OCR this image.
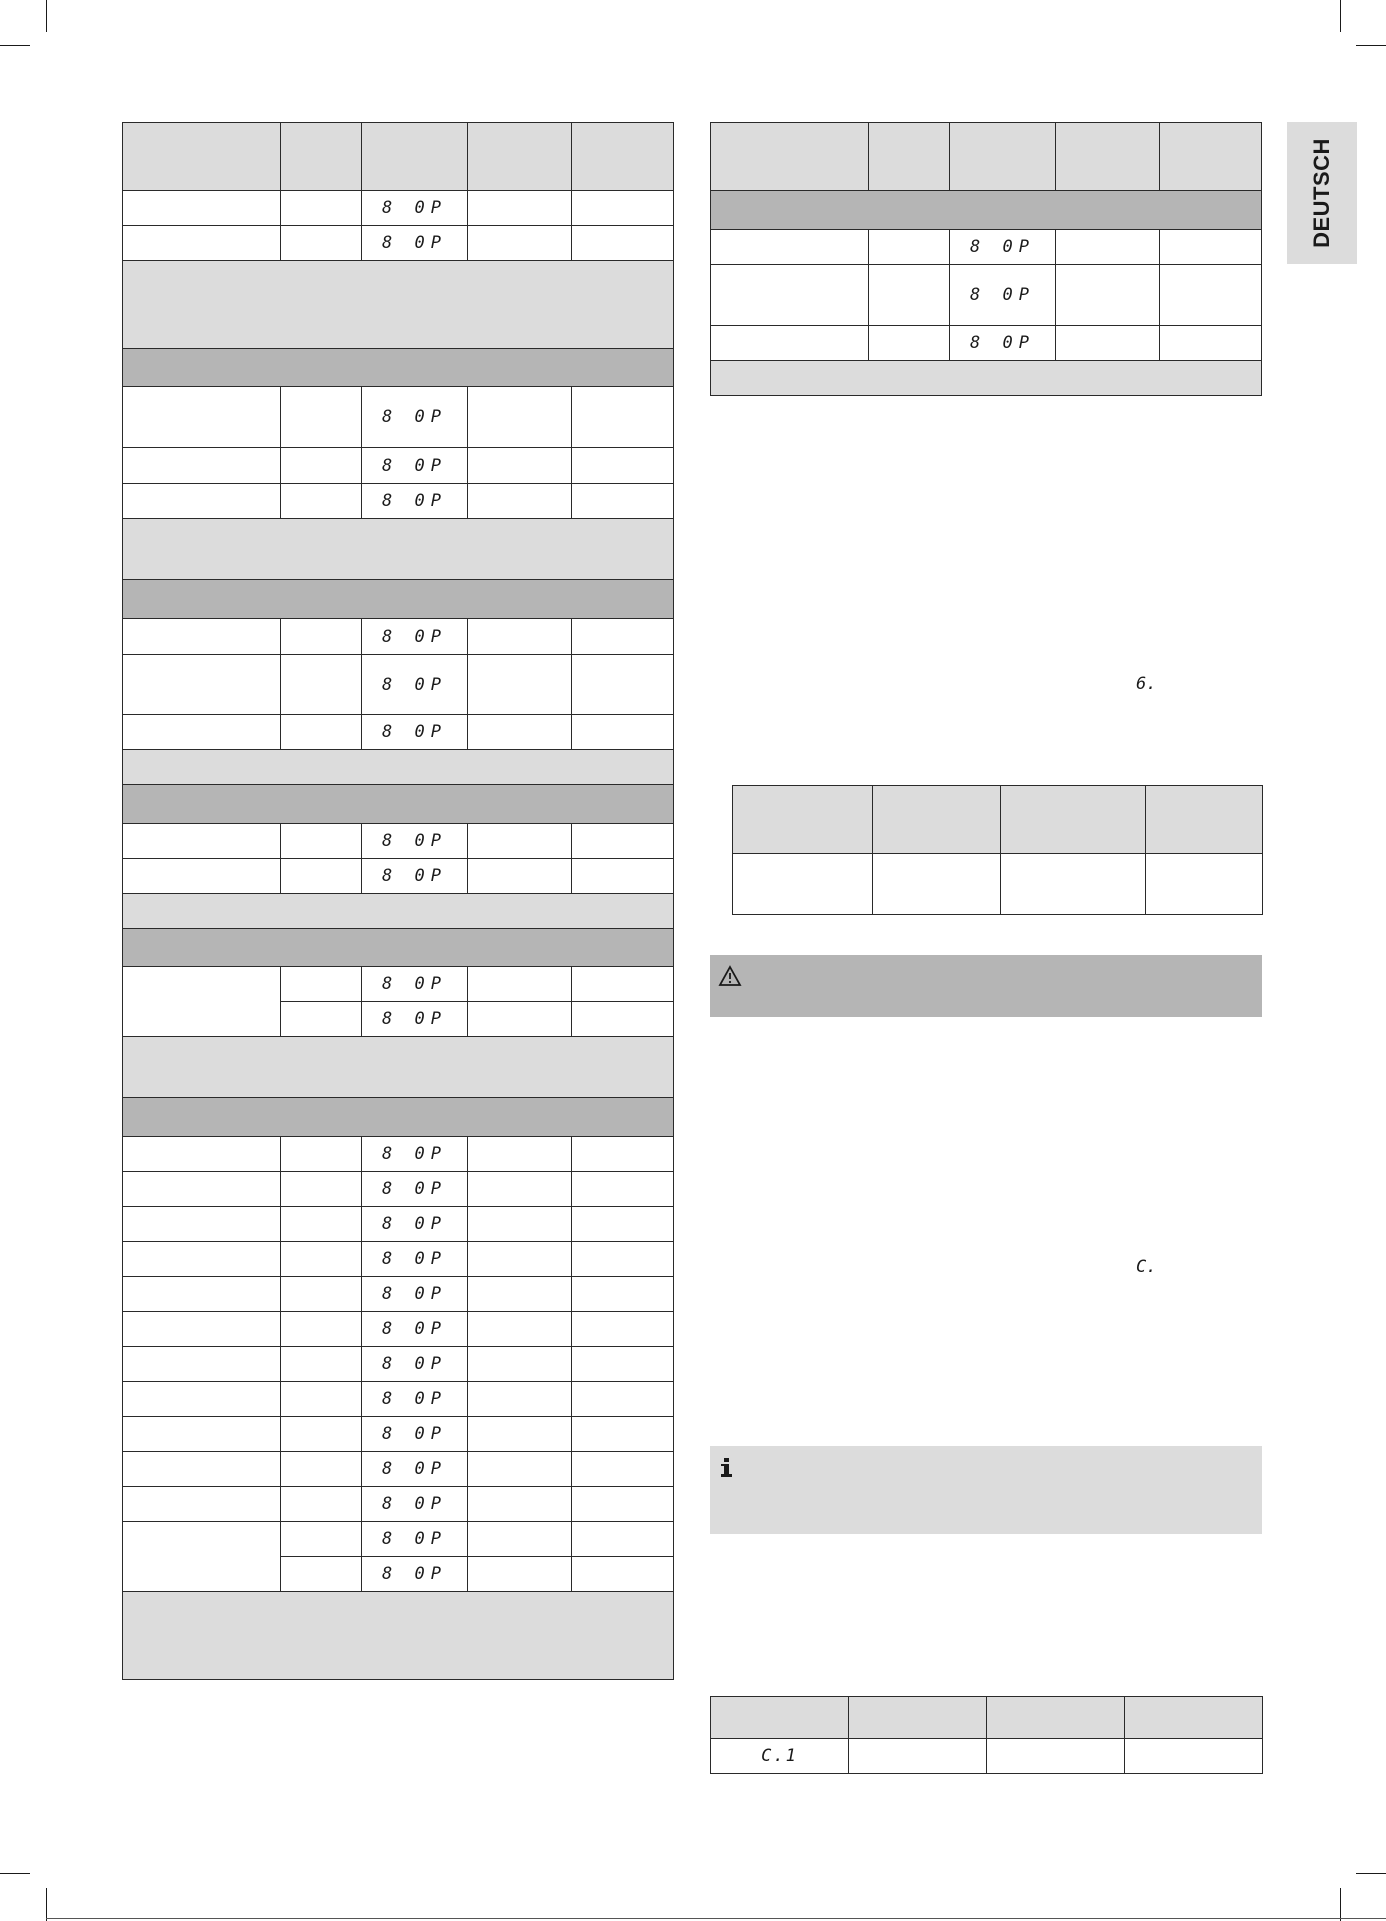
DEUTSCH

		8 0P		
		8 0P		

		8 0P		
		8 0P		
		8 0P		

		8 0P		
		8 0P		
		8 0P		

		8 0P		
		8 0P		

		8 0P		
		8 0P		

		8 0P		
		8 0P		
		8 0P		
		8 0P		
		8 0P		
		8 0P		
		8 0P		
		8 0P		
		8 0P		
		8 0P		
		8 0P		
		8 0P		
		8 0P		

		8 0P		
		8 0P		
		8 0P		

6.

C.

C.1			
